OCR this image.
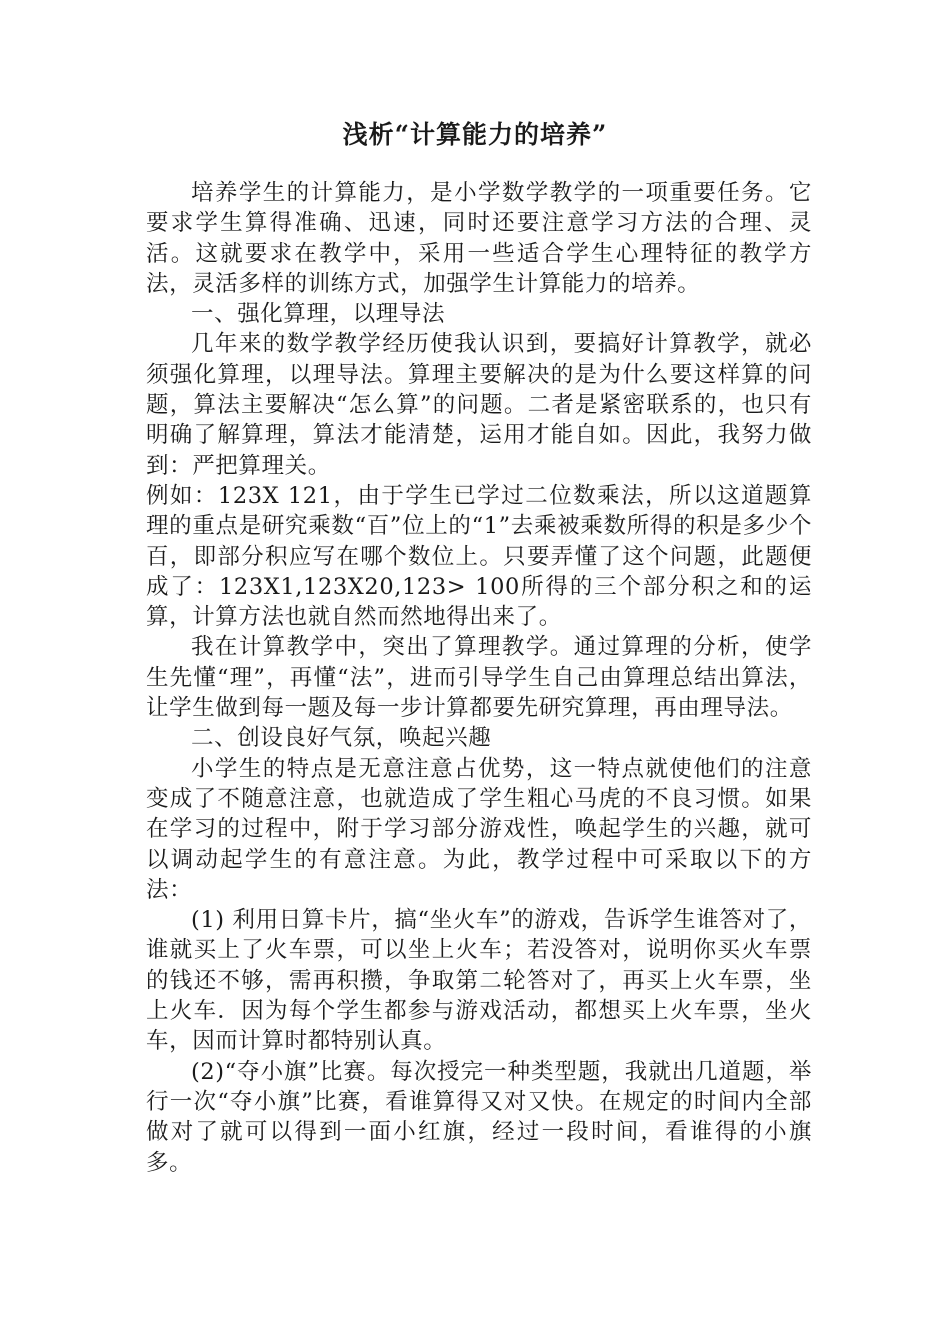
浅析“计算能力的培养”

培养学生的计算能力，是小学数学教学的一项重要任务。它要求学生算得准确、迅速，同时还要注意学习方法的合理、灵活。这就要求在教学中，采用一些适合学生心理特征的教学方法，灵活多样的训练方式，加强学生计算能力的培养。

一、强化算理，以理导法

几年来的数学教学经历使我认识到，要搞好计算教学，就必须强化算理，以理导法。算理主要解决的是为什么要这样算的问题，算法主要解决“怎么算”的问题。二者是紧密联系的，也只有明确了解算理，算法才能清楚，运用才能自如。因此，我努力做到：严把算理关。

例如：123X 121，由于学生已学过二位数乘法，所以这道题算理的重点是研究乘数“百”位上的“1”去乘被乘数所得的积是多少个百，即部分积应写在哪个数位上。只要弄懂了这个问题，此题便成了：123X1,123X20,123> 100所得的三个部分积之和的运算，计算方法也就自然而然地得出来了。

我在计算教学中，突出了算理教学。通过算理的分析，使学生先懂“理”，再懂“法”，进而引导学生自己由算理总结出算法，让学生做到每一题及每一步计算都要先研究算理，再由理导法。

二、创设良好气氛，唤起兴趣

小学生的特点是无意注意占优势，这一特点就使他们的注意变成了不随意注意，也就造成了学生粗心马虎的不良习惯。如果在学习的过程中，附于学习部分游戏性，唤起学生的兴趣，就可以调动起学生的有意注意。为此，教学过程中可采取以下的方法：

(1) 利用日算卡片，搞“坐火车”的游戏，告诉学生谁答对了，谁就买上了火车票，可以坐上火车；若没答对，说明你买火车票的钱还不够，需再积攒，争取第二轮答对了，再买上火车票，坐上火车．因为每个学生都参与游戏活动，都想买上火车票，坐火车，因而计算时都特别认真。

(2)“夺小旗”比赛。每次授完一种类型题，我就出几道题，举行一次“夺小旗”比赛，看谁算得又对又快。在规定的时间内全部做对了就可以得到一面小红旗，经过一段时间，看谁得的小旗多。
